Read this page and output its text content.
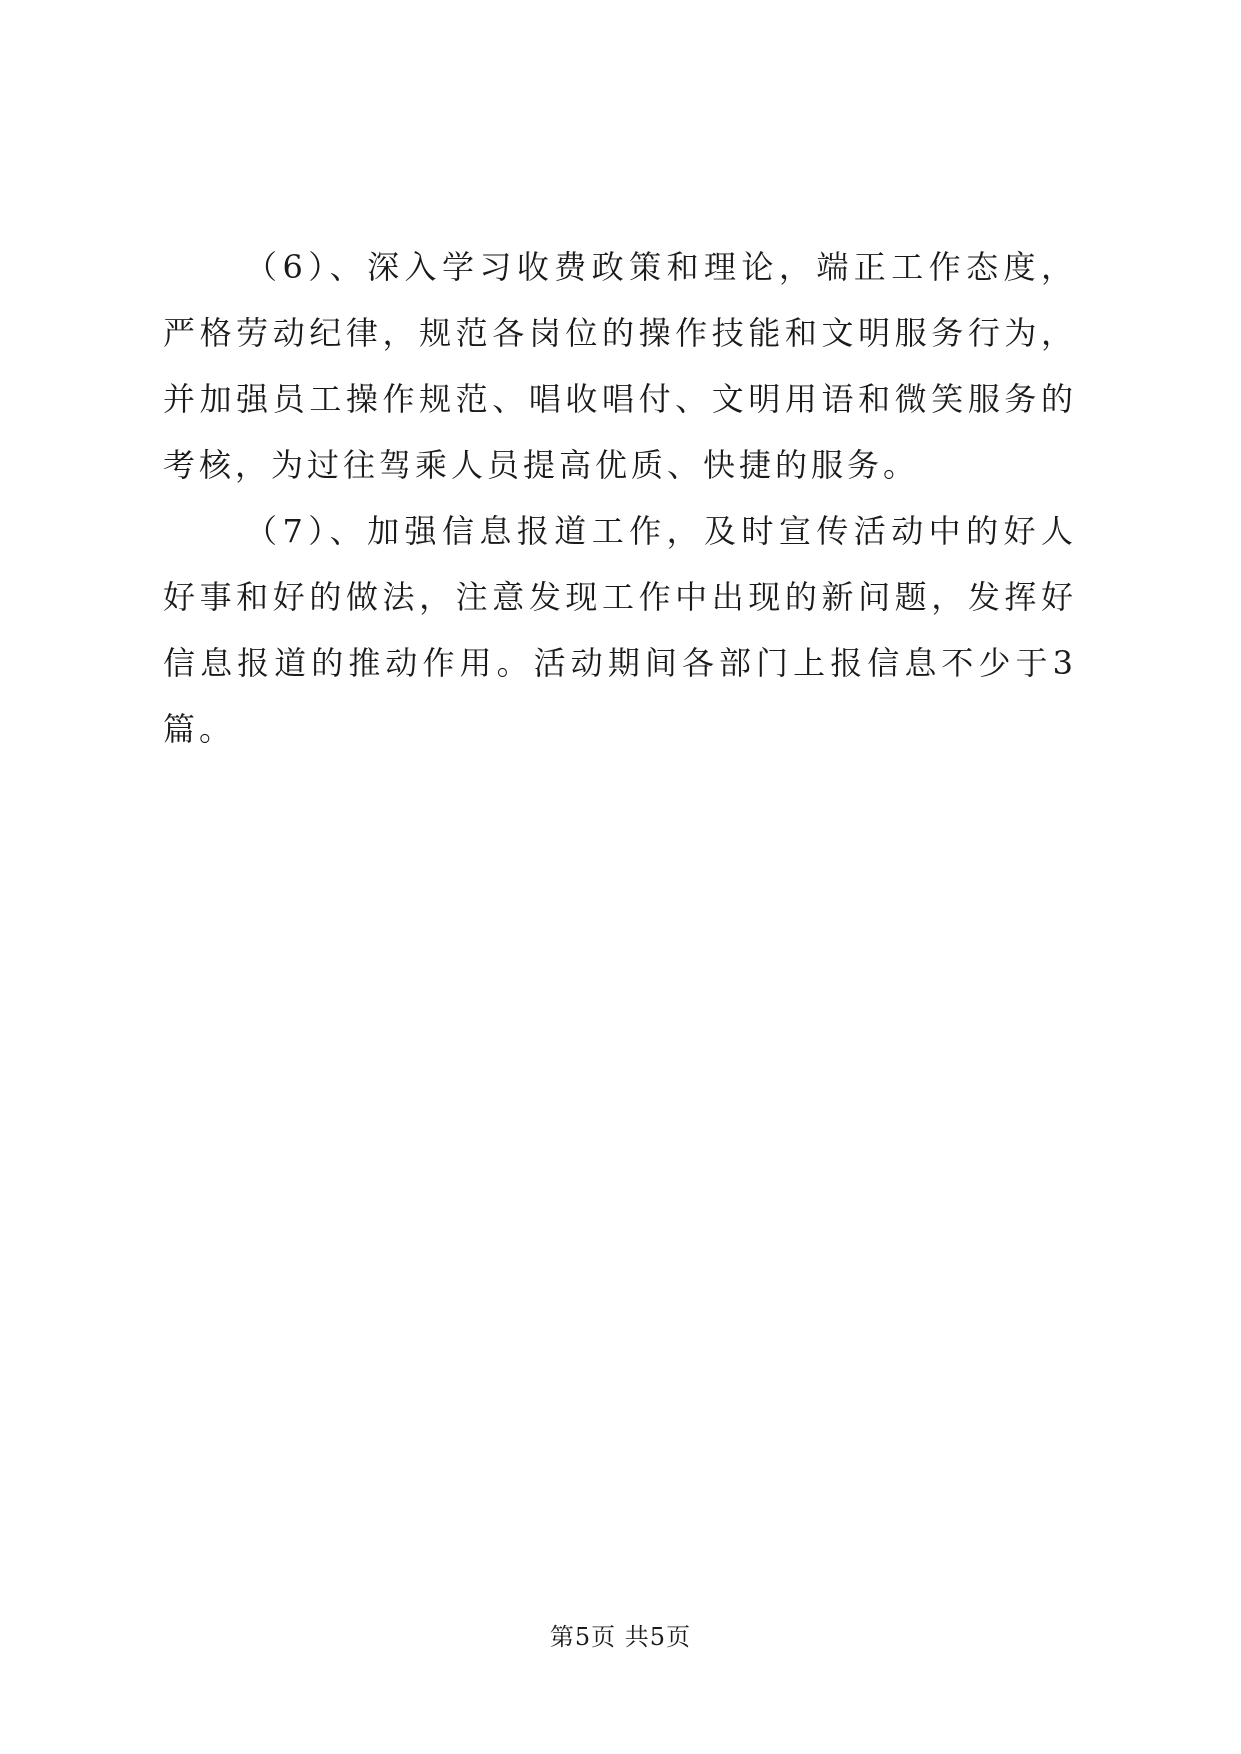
（6）、深入学习收费政策和理论，端正工作态度，严格劳动纪律，规范各岗位的操作技能和文明服务行为，并加强员工操作规范、唱收唱付、文明用语和微笑服务的考核，为过往驾乘人员提高优质、快捷的服务。

（7）、加强信息报道工作，及时宣传活动中的好人好事和好的做法，注意发现工作中出现的新问题，发挥好信息报道的推动作用。活动期间各部门上报信息不少于3篇。

第5页 共5页
